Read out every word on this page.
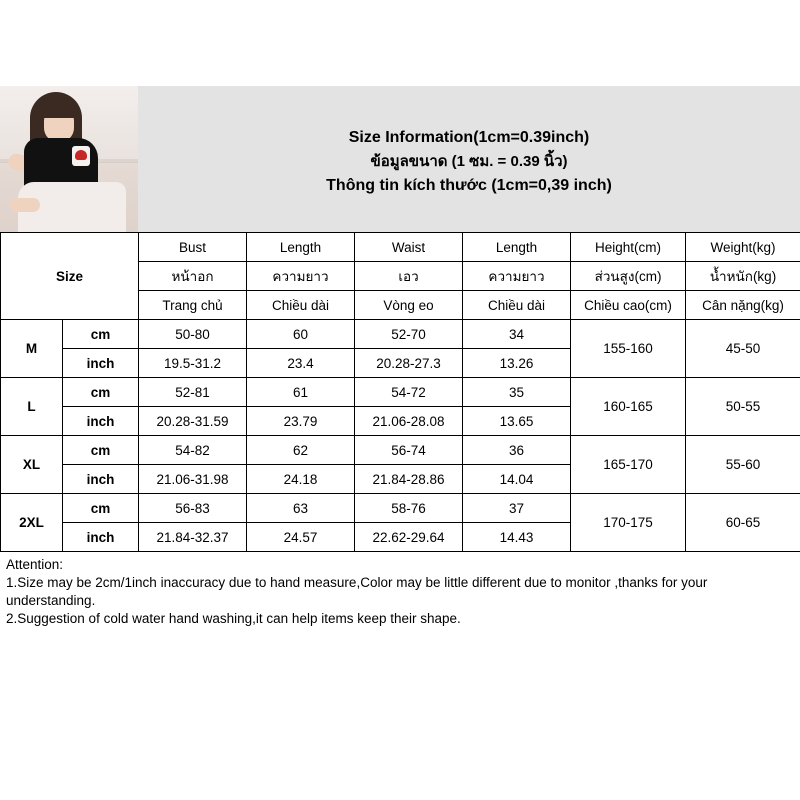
Size Information(1cm=0.39inch)
ข้อมูลขนาด (1 ซม. = 0.39 นิ้ว)
Thông tin kích thước (1cm=0,39 inch)
Size		Bust	Length	Waist	Length	Height(cm)	Weight(kg)
		หน้าอก	ความยาว	เอว	ความยาว	ส่วนสูง(cm)	น้ำหนัก(kg)
		Trang chủ	Chiều dài	Vòng eo	Chiều dài	Chiều cao(cm)	Cân nặng(kg)
M	cm	50-80	60	52-70	34	155-160	45-50
	inch	19.5-31.2	23.4	20.28-27.3	13.26		
L	cm	52-81	61	54-72	35	160-165	50-55
	inch	20.28-31.59	23.79	21.06-28.08	13.65		
XL	cm	54-82	62	56-74	36	165-170	55-60
	inch	21.06-31.98	24.18	21.84-28.86	14.04		
2XL	cm	56-83	63	58-76	37	170-175	60-65
	inch	21.84-32.37	24.57	22.62-29.64	14.43		
Attention:
1.Size may be 2cm/1inch inaccuracy due to hand measure,Color may be little different due to monitor ,thanks for your understanding.
2.Suggestion of cold water hand washing,it can help items keep their shape.
